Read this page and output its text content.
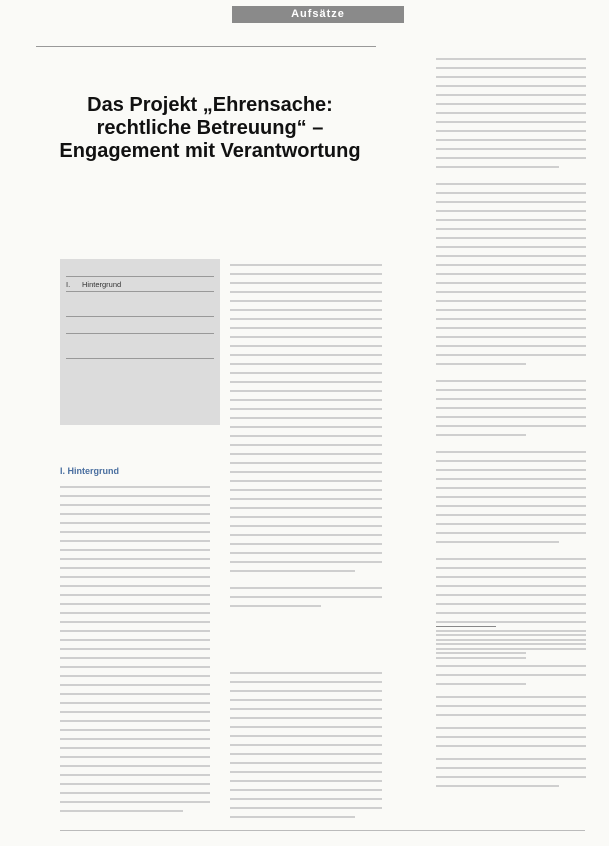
Aufsätze
Das Projekt „Ehrensache: rechtliche Betreuung“ – Engagement mit Verantwortung
I. Hintergrund
I. Hintergrund
